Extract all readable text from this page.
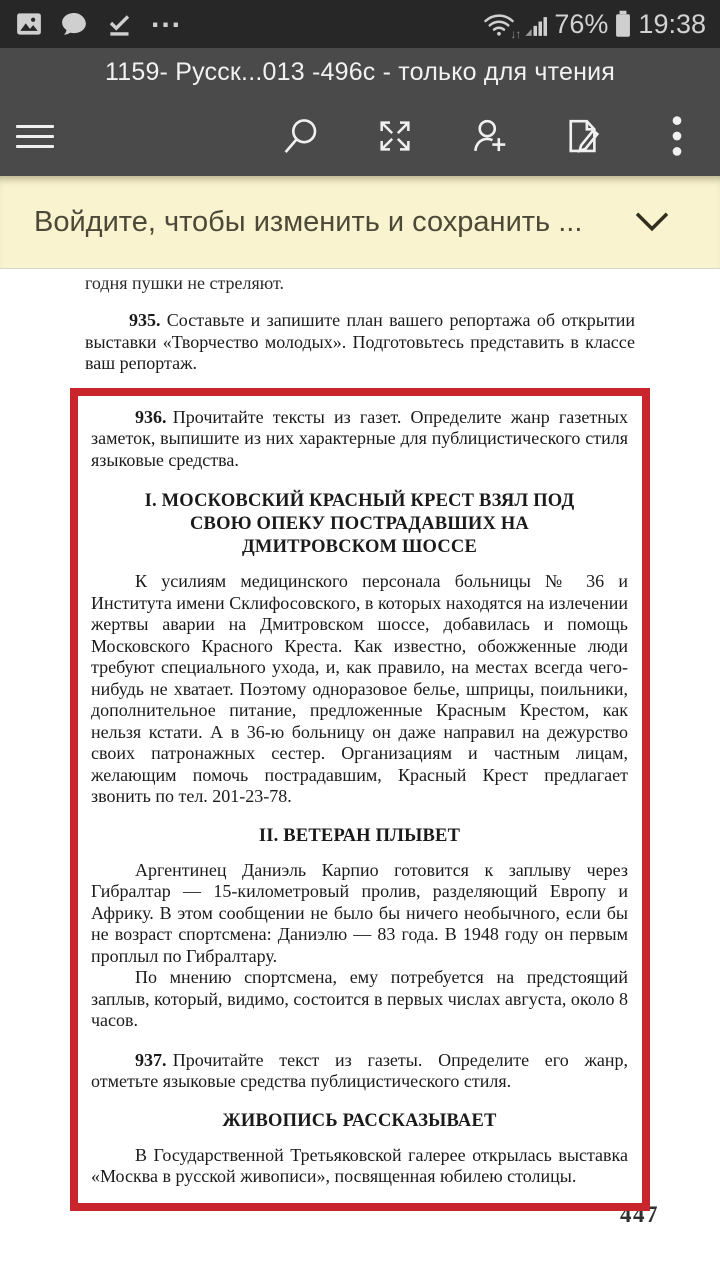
...	↓↑ 76% 19:38
1159- Русск...013 -496с - только для чтения
Войдите, чтобы изменить и сохранить ...

годня пушки не стреляют.

935. Составьте и запишите план вашего репортажа об открытии выставки «Творчество молодых». Подготовьтесь представить в классе ваш репортаж.

936. Прочитайте тексты из газет. Определите жанр газетных заметок, выпишите из них характерные для публицистического стиля языковые средства.

I. МОСКОВСКИЙ КРАСНЫЙ КРЕСТ ВЗЯЛ ПОД СВОЮ ОПЕКУ ПОСТРАДАВШИХ НА ДМИТРОВСКОМ ШОССЕ

К усилиям медицинского персонала больницы № 36 и Института имени Склифосовского, в которых находятся на излечении жертвы аварии на Дмитровском шоссе, добавилась и помощь Московского Красного Креста. Как известно, обожженные люди требуют специального ухода, и, как правило, на местах всегда чего-нибудь не хватает. Поэтому одноразовое белье, шприцы, поильники, дополнительное питание, предложенные Красным Крестом, как нельзя кстати. А в 36-ю больницу он даже направил на дежурство своих патронажных сестер. Организациям и частным лицам, желающим помочь пострадавшим, Красный Крест предлагает звонить по тел. 201-23-78.

II. ВЕТЕРАН ПЛЫВЕТ

Аргентинец Даниэль Карпио готовится к заплыву через Гибралтар — 15-километровый пролив, разделяющий Европу и Африку. В этом сообщении не было бы ничего необычного, если бы не возраст спортсмена: Даниэлю — 83 года. В 1948 году он первым проплыл по Гибралтару.

По мнению спортсмена, ему потребуется на предстоящий заплыв, который, видимо, состоится в первых числах августа, около 8 часов.

937. Прочитайте текст из газеты. Определите его жанр, отметьте языковые средства публицистического стиля.

ЖИВОПИСЬ РАССКАЗЫВАЕТ

В Государственной Третьяковской галерее открылась выставка «Москва в русской живописи», посвященная юбилею столицы.

447
